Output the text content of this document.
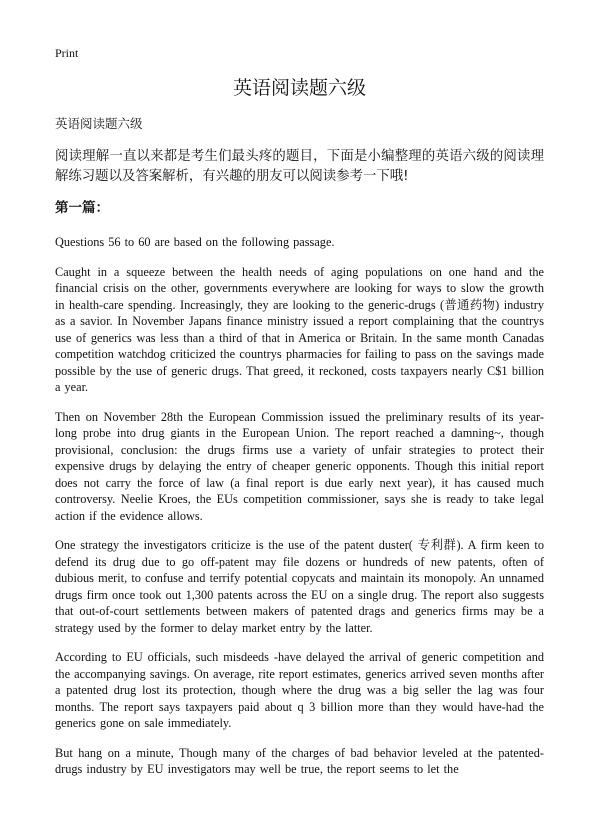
Print
英语阅读题六级
英语阅读题六级

阅读理解一直以来都是考生们最头疼的题目，下面是小编整理的英语六级的阅读理解练习题以及答案解析，有兴趣的朋友可以阅读参考一下哦!

第一篇：

Questions 56 to 60 are based on the following passage.

Caught in a squeeze between the health needs of aging populations on one hand and the financial crisis on the other, governments everywhere are looking for ways to slow the growth in health-care spending. Increasingly, they are looking to the generic-drugs (普通药物) industry as a savior. In November Japans finance ministry issued a report complaining that the countrys use of generics was less than a third of that in America or Britain. In the same month Canadas competition watchdog criticized the countrys pharmacies for failing to pass on the savings made possible by the use of generic drugs. That greed, it reckoned, costs taxpayers nearly C$1 billion a year.

Then on November 28th the European Commission issued the preliminary results of its year-long probe into drug giants in the European Union. The report reached a damning~, though provisional, conclusion: the drugs firms use a variety of unfair strategies to protect their expensive drugs by delaying the entry of cheaper generic opponents. Though this initial report does not carry the force of law (a final report is due early next year), it has caused much controversy. Neelie Kroes, the EUs competition commissioner, says she is ready to take legal action if the evidence allows.

One strategy the investigators criticize is the use of the patent duster( 专利群). A firm keen to defend its drug due to go off-patent may file dozens or hundreds of new patents, often of dubious merit, to confuse and terrify potential copycats and maintain its monopoly. An unnamed drugs firm once took out 1,300 patents across the EU on a single drug. The report also suggests that out-of-court settlements between makers of patented drags and generics firms may be a strategy used by the former to delay market entry by the latter.

According to EU officials, such misdeeds -have delayed the arrival of generic competition and the accompanying savings. On average, rite report estimates, generics arrived seven months after a patented drug lost its protection, though where the drug was a big seller the lag was four months. The report says taxpayers paid about q 3 billion more than they would have-had the generics gone on sale immediately.

But hang on a minute, Though many of the charges of bad behavior leveled at the patented-drugs industry by EU investigators may well be true, the report seems to let the
